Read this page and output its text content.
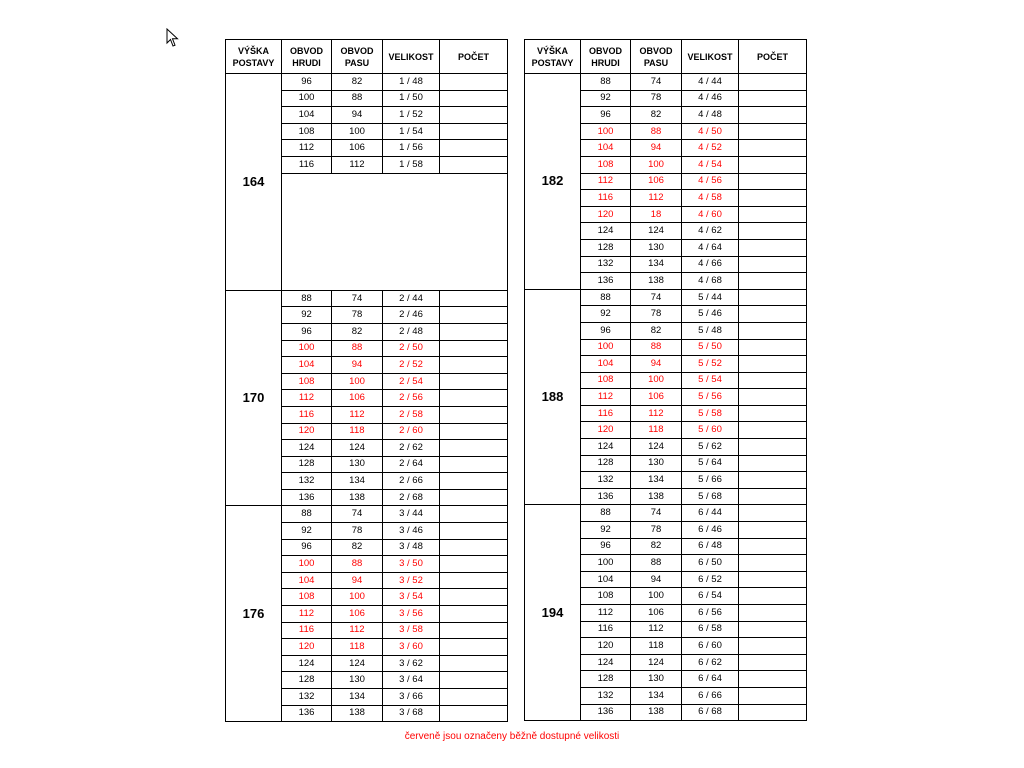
VÝŠKA POSTAVY	OBVOD HRUDI	OBVOD PASU	VELIKOST	POČET
164	96	82	1 / 48	
	100	88	1 / 50	
	104	94	1 / 52	
	108	100	1 / 54	
	112	106	1 / 56	
	116	112	1 / 58	

170	88	74	2 / 44	
	92	78	2 / 46	
	96	82	2 / 48	
	100	88	2 / 50	
	104	94	2 / 52	
	108	100	2 / 54	
	112	106	2 / 56	
	116	112	2 / 58	
	120	118	2 / 60	
	124	124	2 / 62	
	128	130	2 / 64	
	132	134	2 / 66	
	136	138	2 / 68	
176	88	74	3 / 44	
	92	78	3 / 46	
	96	82	3 / 48	
	100	88	3 / 50	
	104	94	3 / 52	
	108	100	3 / 54	
	112	106	3 / 56	
	116	112	3 / 58	
	120	118	3 / 60	
	124	124	3 / 62	
	128	130	3 / 64	
	132	134	3 / 66	
	136	138	3 / 68	
VÝŠKA POSTAVY	OBVOD HRUDI	OBVOD PASU	VELIKOST	POČET
182	88	74	4 / 44	
	92	78	4 / 46	
	96	82	4 / 48	
	100	88	4 / 50	
	104	94	4 / 52	
	108	100	4 / 54	
	112	106	4 / 56	
	116	112	4 / 58	
	120	18	4 / 60	
	124	124	4 / 62	
	128	130	4 / 64	
	132	134	4 / 66	
	136	138	4 / 68	
188	88	74	5 / 44	
	92	78	5 / 46	
	96	82	5 / 48	
	100	88	5 / 50	
	104	94	5 / 52	
	108	100	5 / 54	
	112	106	5 / 56	
	116	112	5 / 58	
	120	118	5 / 60	
	124	124	5 / 62	
	128	130	5 / 64	
	132	134	5 / 66	
	136	138	5 / 68	
194	88	74	6 / 44	
	92	78	6 / 46	
	96	82	6 / 48	
	100	88	6 / 50	
	104	94	6 / 52	
	108	100	6 / 54	
	112	106	6 / 56	
	116	112	6 / 58	
	120	118	6 / 60	
	124	124	6 / 62	
	128	130	6 / 64	
	132	134	6 / 66	
	136	138	6 / 68	
červeně jsou označeny běžně dostupné velikosti
